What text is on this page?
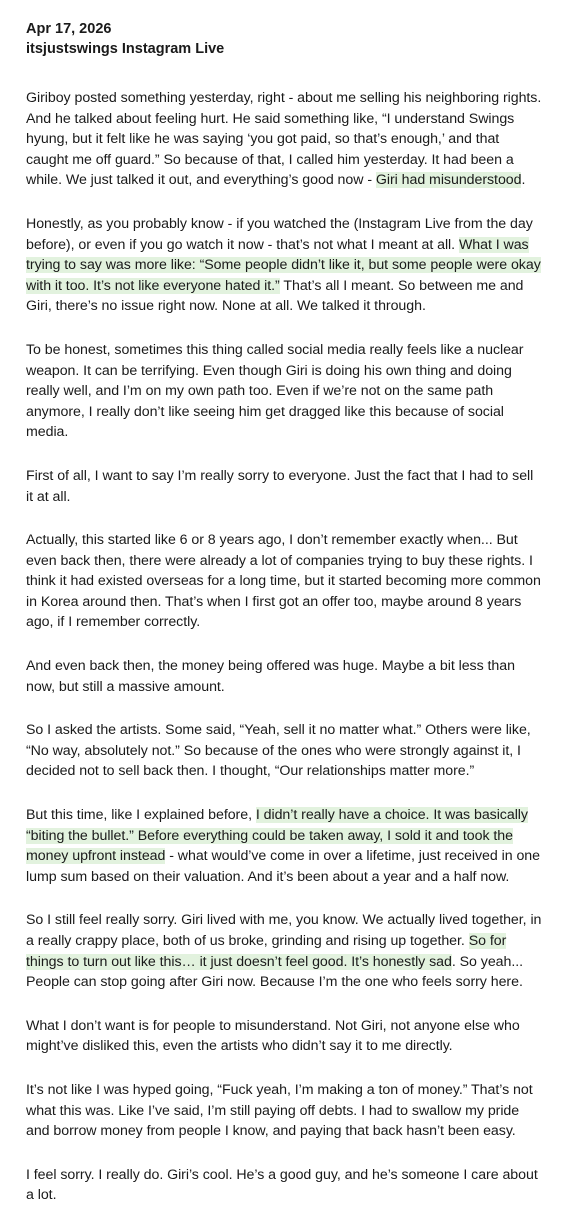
Apr 17, 2026
itsjustswings Instagram Live

Giriboy posted something yesterday, right - about me selling his neighboring rights. And he talked about feeling hurt. He said something like, “I understand Swings hyung, but it felt like he was saying ‘you got paid, so that’s enough,’ and that caught me off guard.” So because of that, I called him yesterday. It had been a while. We just talked it out, and everything’s good now - Giri had misunderstood.

Honestly, as you probably know - if you watched the (Instagram Live from the day before), or even if you go watch it now - that’s not what I meant at all. What I was trying to say was more like: “Some people didn’t like it, but some people were okay with it too. It’s not like everyone hated it.” That’s all I meant. So between me and Giri, there’s no issue right now. None at all. We talked it through.

To be honest, sometimes this thing called social media really feels like a nuclear weapon. It can be terrifying. Even though Giri is doing his own thing and doing really well, and I’m on my own path too. Even if we’re not on the same path anymore, I really don’t like seeing him get dragged like this because of social media.

First of all, I want to say I’m really sorry to everyone. Just the fact that I had to sell it at all.

Actually, this started like 6 or 8 years ago, I don’t remember exactly when... But even back then, there were already a lot of companies trying to buy these rights. I think it had existed overseas for a long time, but it started becoming more common in Korea around then. That’s when I first got an offer too, maybe around 8 years ago, if I remember correctly.

And even back then, the money being offered was huge. Maybe a bit less than now, but still a massive amount.

So I asked the artists. Some said, “Yeah, sell it no matter what.” Others were like, “No way, absolutely not.” So because of the ones who were strongly against it, I decided not to sell back then. I thought, “Our relationships matter more.”

But this time, like I explained before, I didn’t really have a choice. It was basically “biting the bullet.” Before everything could be taken away, I sold it and took the money upfront instead - what would’ve come in over a lifetime, just received in one lump sum based on their valuation. And it’s been about a year and a half now.

So I still feel really sorry. Giri lived with me, you know. We actually lived together, in a really crappy place, both of us broke, grinding and rising up together. So for things to turn out like this… it just doesn’t feel good. It’s honestly sad. So yeah... People can stop going after Giri now. Because I’m the one who feels sorry here.

What I don’t want is for people to misunderstand. Not Giri, not anyone else who might’ve disliked this, even the artists who didn’t say it to me directly.

It’s not like I was hyped going, “Fuck yeah, I’m making a ton of money.” That’s not what this was. Like I’ve said, I’m still paying off debts. I had to swallow my pride and borrow money from people I know, and paying that back hasn’t been easy.

I feel sorry. I really do. Giri’s cool. He’s a good guy, and he’s someone I care about a lot.
